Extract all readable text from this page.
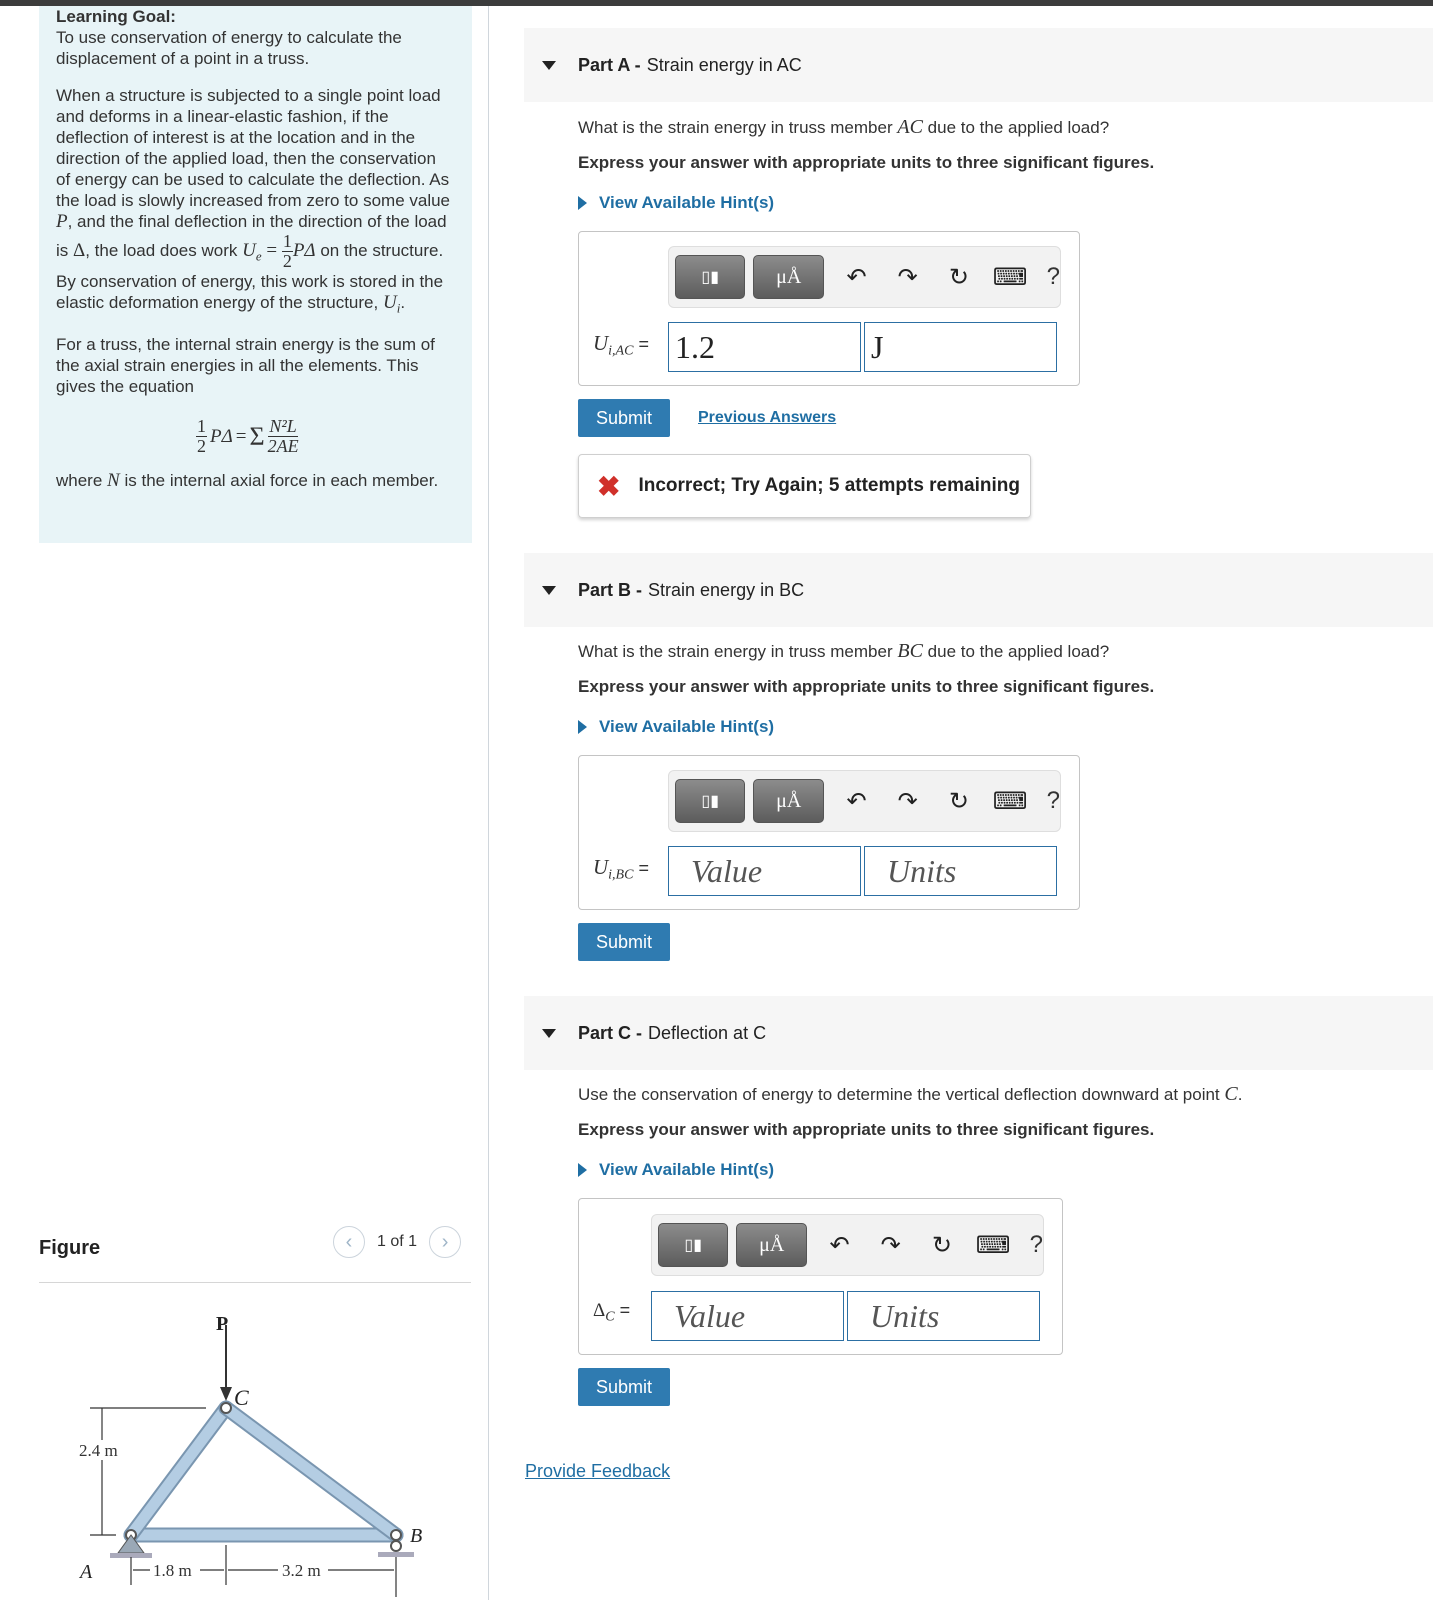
Learning Goal:

To use conservation of energy to calculate the displacement of a point in a truss.

When a structure is subjected to a single point load and deforms in a linear-elastic fashion, if the deflection of interest is at the location and in the direction of the applied load, then the conservation of energy can be used to calculate the deflection. As the load is slowly increased from zero to some value P, and the final deflection in the direction of the load is Δ, the load does work $U_e = \frac{1}{2}$ PΔ on the structure. By conservation of energy, this work is stored in the elastic deformation energy of the structure, $U_i$.

For a truss, the internal strain energy is the sum of the axial strain energies in all the elements. This gives the equation

$\frac{1}{2}$ PΔ = Σ $\frac{\text{N²L}}{2AE}$

where N is the internal axial force in each member.

Figure	‹	1 of 1	›
P
C
A
B
2.4 m
1.8 m	3.2 m
Part A - Strain energy in AC
What is the strain energy in truss member AC due to the applied load?
Express your answer with appropriate units to three significant figures.
View Available Hint(s)
▯▮	μÅ	↶	↷	↻ ⌨ ?
$U_{i,AC} = 1.2$	J
Submit	Previous Answers
✖ Incorrect; Try Again; 5 attempts remaining
Part B - Strain energy in BC
What is the strain energy in truss member BC due to the applied load?
Express your answer with appropriate units to three significant figures.
View Available Hint(s)
▯▮	μÅ	↶	↷	↻ ⌨ ?
$U_{i,BC}$ =	Value	Units
Submit
Part C - Deflection at C
Use the conservation of energy to determine the vertical deflection downward at point C.
Express your answer with appropriate units to three significant figures.
View Available Hint(s)
▯▮	μÅ	↶	↷	↻ ⌨ ?
$\Delta_C$ =	Value	Units
Submit
Provide Feedback
